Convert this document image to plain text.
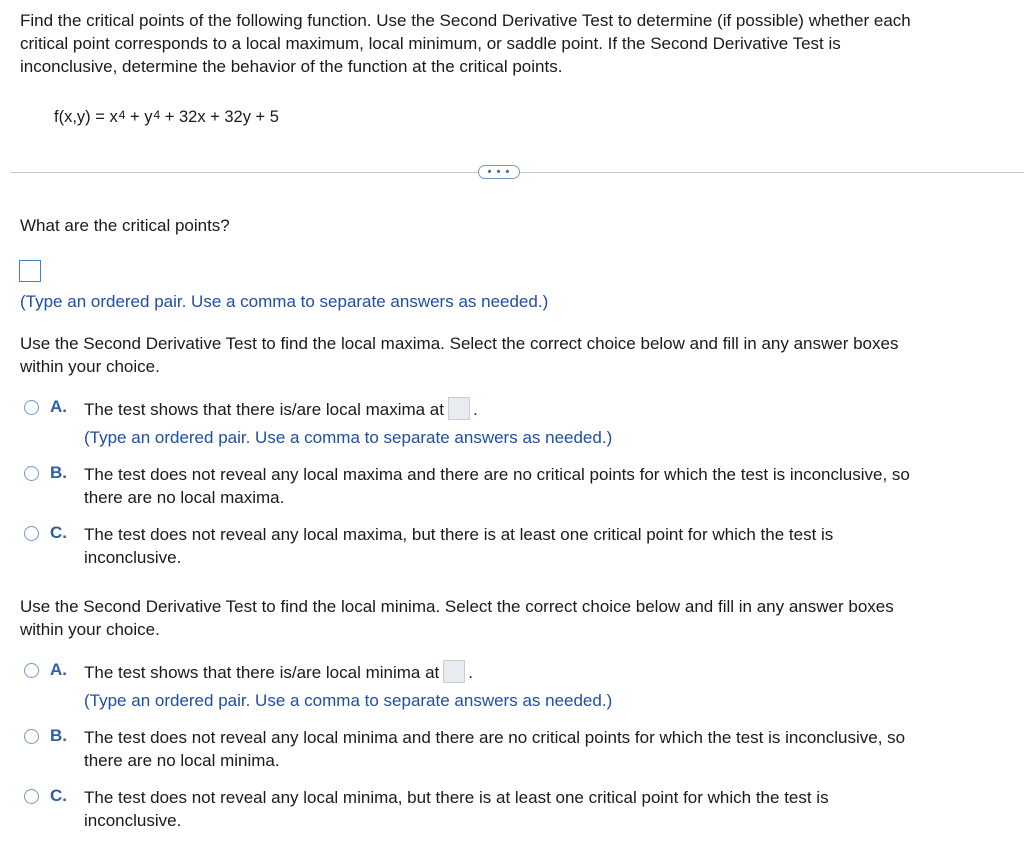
Find the critical points of the following function. Use the Second Derivative Test to determine (if possible) whether each
critical point corresponds to a local maximum, local minimum, or saddle point. If the Second Derivative Test is
inconclusive, determine the behavior of the function at the critical points.
$f(x,y) = x^4 + y^4 + 32x + 32y + 5$
• • •
What are the critical points?
(Type an ordered pair. Use a comma to separate answers as needed.)
Use the Second Derivative Test to find the local maxima. Select the correct choice below and fill in any answer boxes
within your choice.
A. The test shows that there is/are local maxima at .
(Type an ordered pair. Use a comma to separate answers as needed.)
B. The test does not reveal any local maxima and there are no critical points for which the test is inconclusive, so
there are no local maxima.
C. The test does not reveal any local maxima, but there is at least one critical point for which the test is
inconclusive.
Use the Second Derivative Test to find the local minima. Select the correct choice below and fill in any answer boxes
within your choice.
A. The test shows that there is/are local minima at .
(Type an ordered pair. Use a comma to separate answers as needed.)
B. The test does not reveal any local minima and there are no critical points for which the test is inconclusive, so
there are no local minima.
C. The test does not reveal any local minima, but there is at least one critical point for which the test is
inconclusive.
